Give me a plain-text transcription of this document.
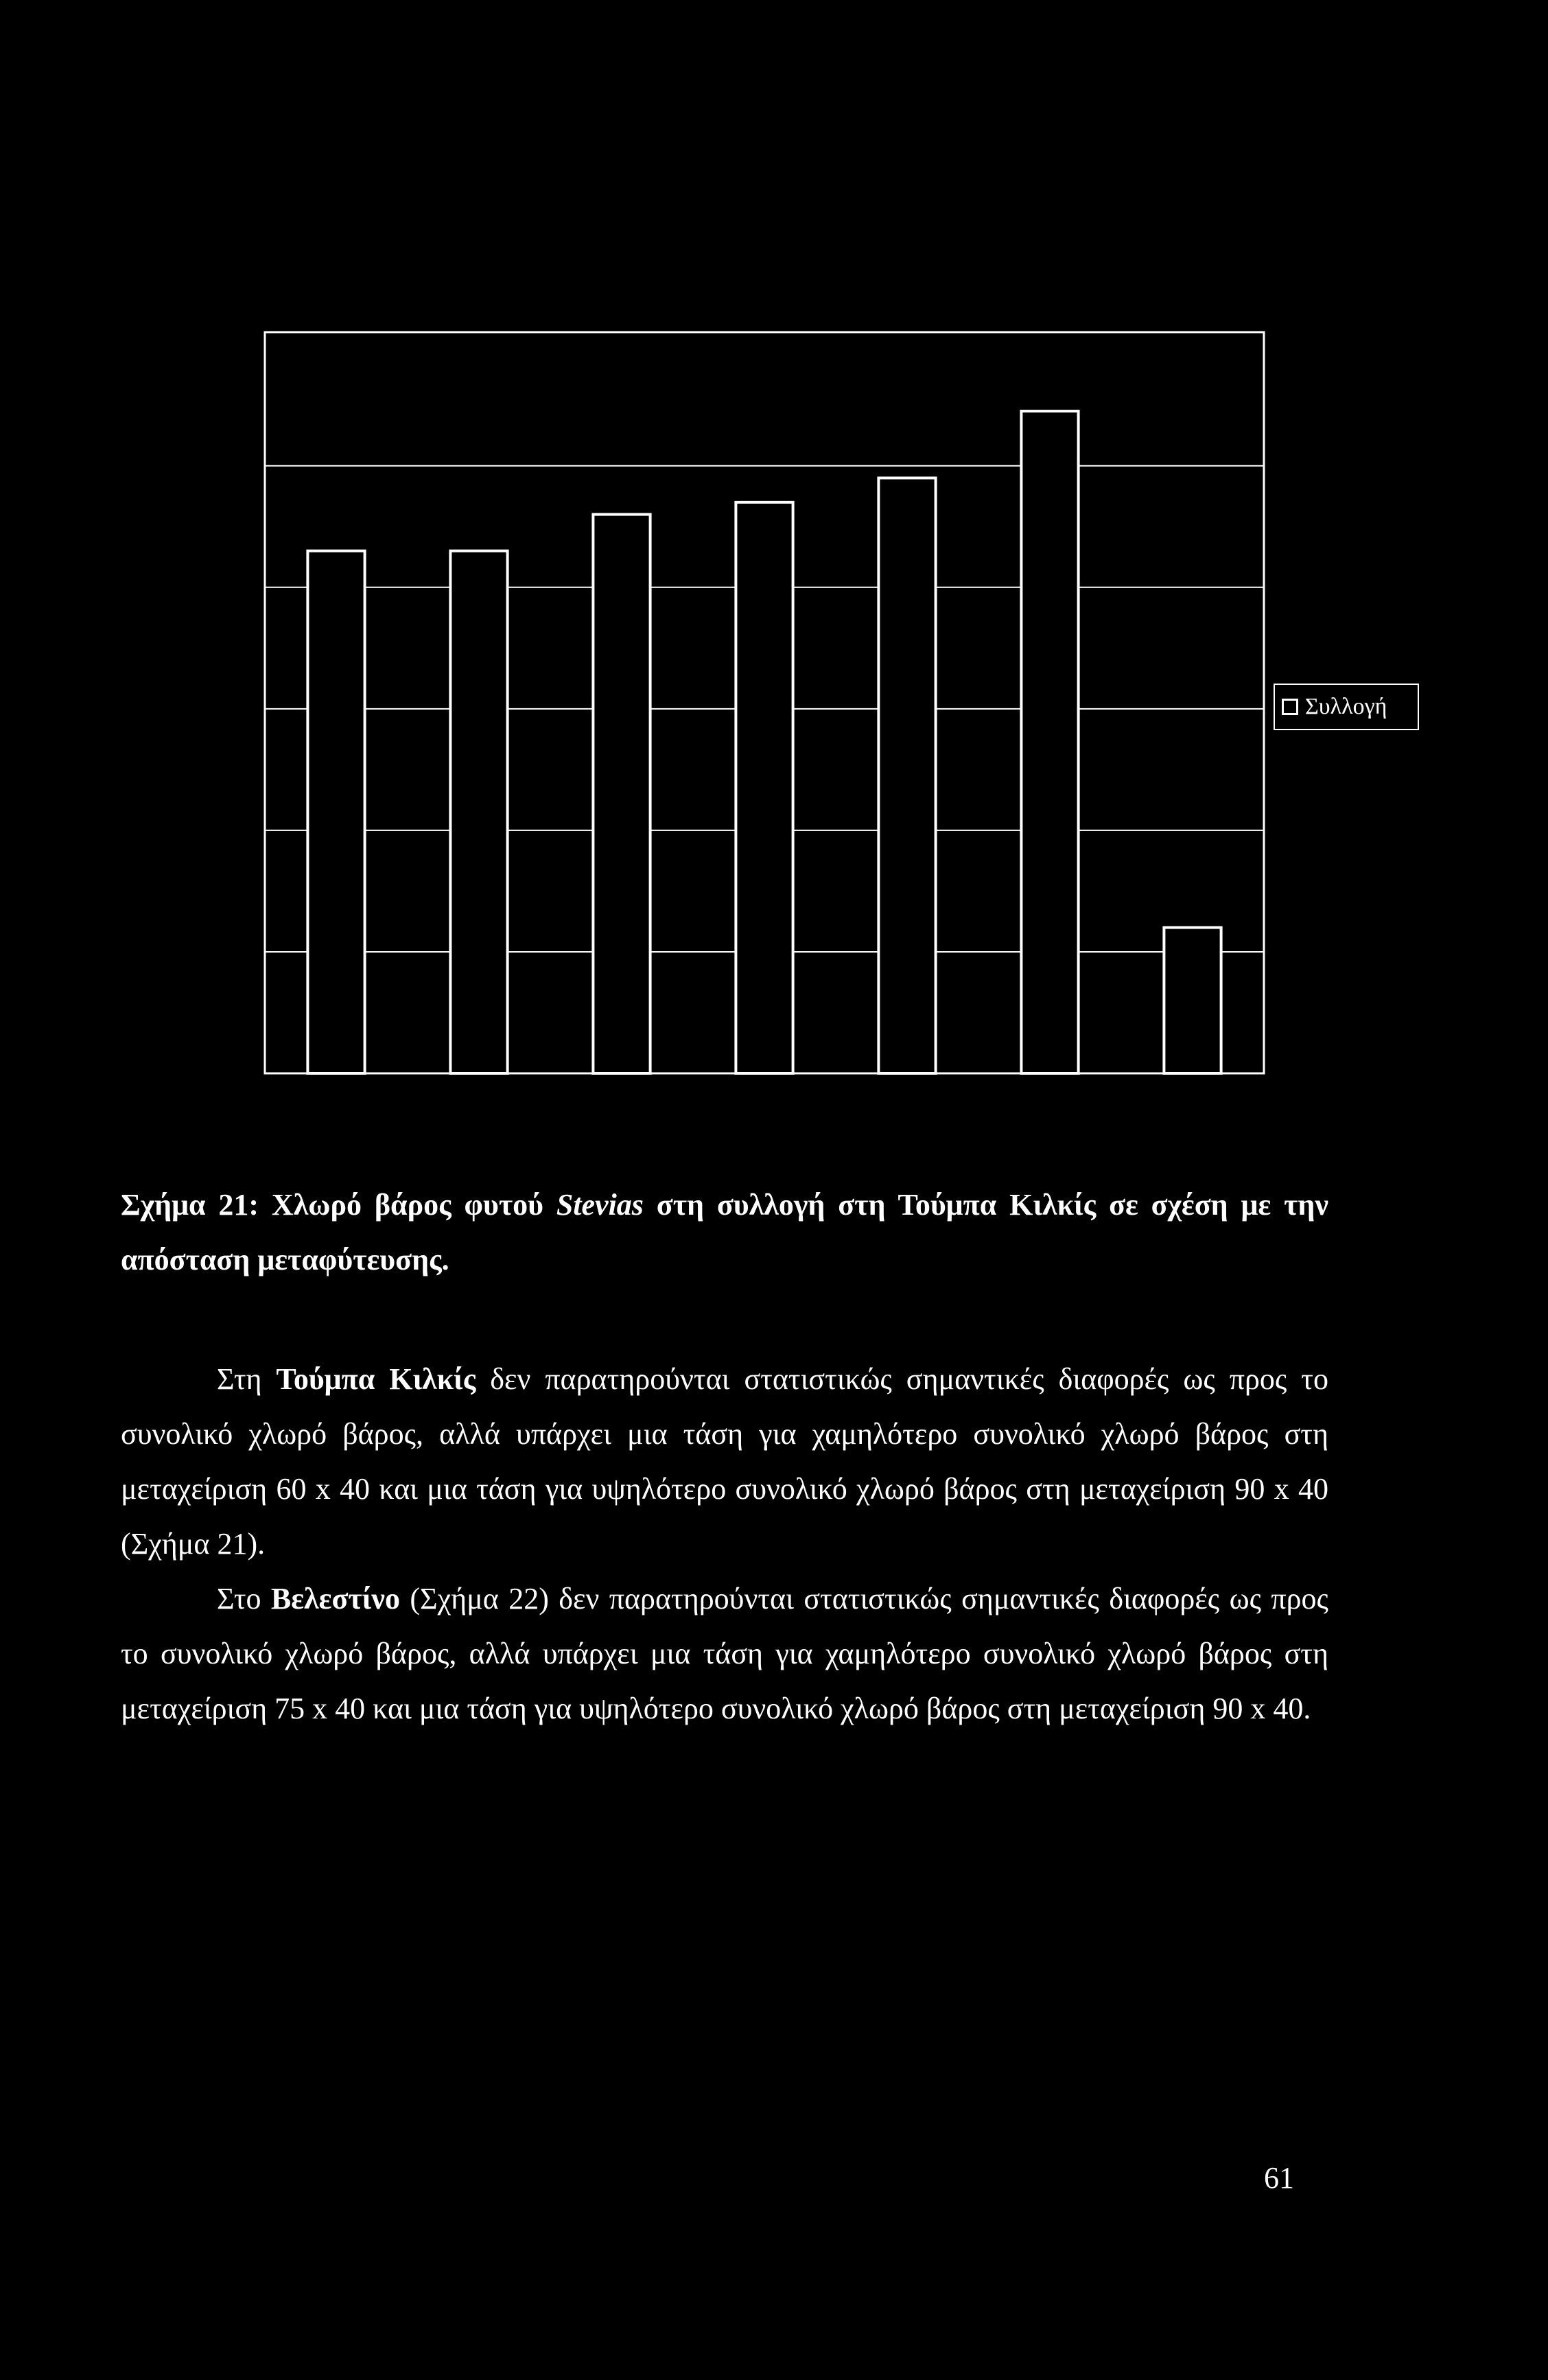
Συλλογή
Σχήμα 21: Χλωρό βάρος φυτού Stevias στη συλλογή στη Τούμπα Κιλκίς σε σχέση με την απόσταση μεταφύτευσης.
Στη Τούμπα Κιλκίς δεν παρατηρούνται στατιστικώς σημαντικές διαφορές ως προς το συνολικό χλωρό βάρος, αλλά υπάρχει μια τάση για χαμηλότερο συνολικό χλωρό βάρος στη μεταχείριση 60 x 40 και μια τάση για υψηλότερο συνολικό χλωρό βάρος στη μεταχείριση 90 x 40 (Σχήμα 21).
Στο Βελεστίνο (Σχήμα 22) δεν παρατηρούνται στατιστικώς σημαντικές διαφορές ως προς το συνολικό χλωρό βάρος, αλλά υπάρχει μια τάση για χαμηλότερο συνολικό χλωρό βάρος στη μεταχείριση 75 x 40 και μια τάση για υψηλότερο συνολικό χλωρό βάρος στη μεταχείριση 90 x 40.
61
